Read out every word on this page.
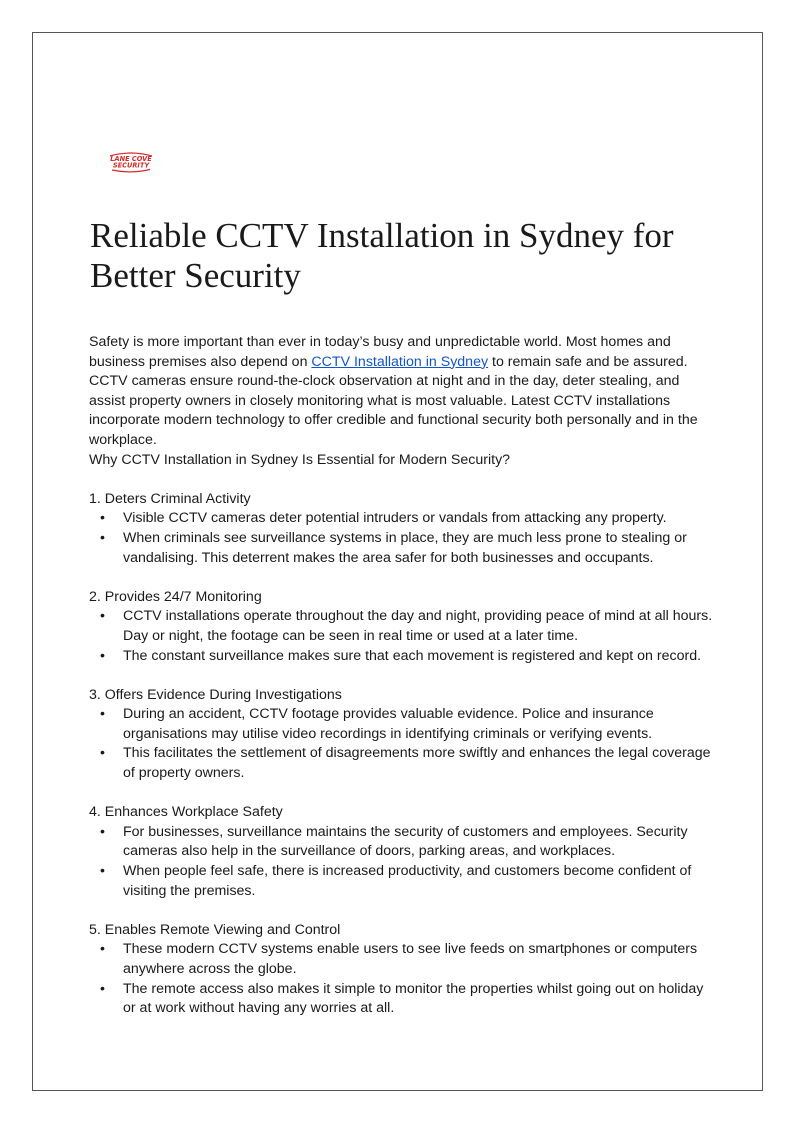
LANE COVE
SECURITY
Reliable CCTV Installation in Sydney for Better Security

Safety is more important than ever in today’s busy and unpredictable world. Most homes and business premises also depend on CCTV Installation in Sydney to remain safe and be assured. CCTV cameras ensure round-the-clock observation at night and in the day, deter stealing, and assist property owners in closely monitoring what is most valuable. Latest CCTV installations incorporate modern technology to offer credible and functional security both personally and in the workplace.

Why CCTV Installation in Sydney Is Essential for Modern Security?

1. Deters Criminal Activity

• Visible CCTV cameras deter potential intruders or vandals from attacking any property.
• When criminals see surveillance systems in place, they are much less prone to stealing or vandalising. This deterrent makes the area safer for both businesses and occupants.

2. Provides 24/7 Monitoring

• CCTV installations operate throughout the day and night, providing peace of mind at all hours. Day or night, the footage can be seen in real time or used at a later time.
• The constant surveillance makes sure that each movement is registered and kept on record.

3. Offers Evidence During Investigations

• During an accident, CCTV footage provides valuable evidence. Police and insurance organisations may utilise video recordings in identifying criminals or verifying events.
• This facilitates the settlement of disagreements more swiftly and enhances the legal coverage of property owners.

4. Enhances Workplace Safety

• For businesses, surveillance maintains the security of customers and employees. Security cameras also help in the surveillance of doors, parking areas, and workplaces.
• When people feel safe, there is increased productivity, and customers become confident of visiting the premises.

5. Enables Remote Viewing and Control

• These modern CCTV systems enable users to see live feeds on smartphones or computers anywhere across the globe.
• The remote access also makes it simple to monitor the properties whilst going out on holiday or at work without having any worries at all.
